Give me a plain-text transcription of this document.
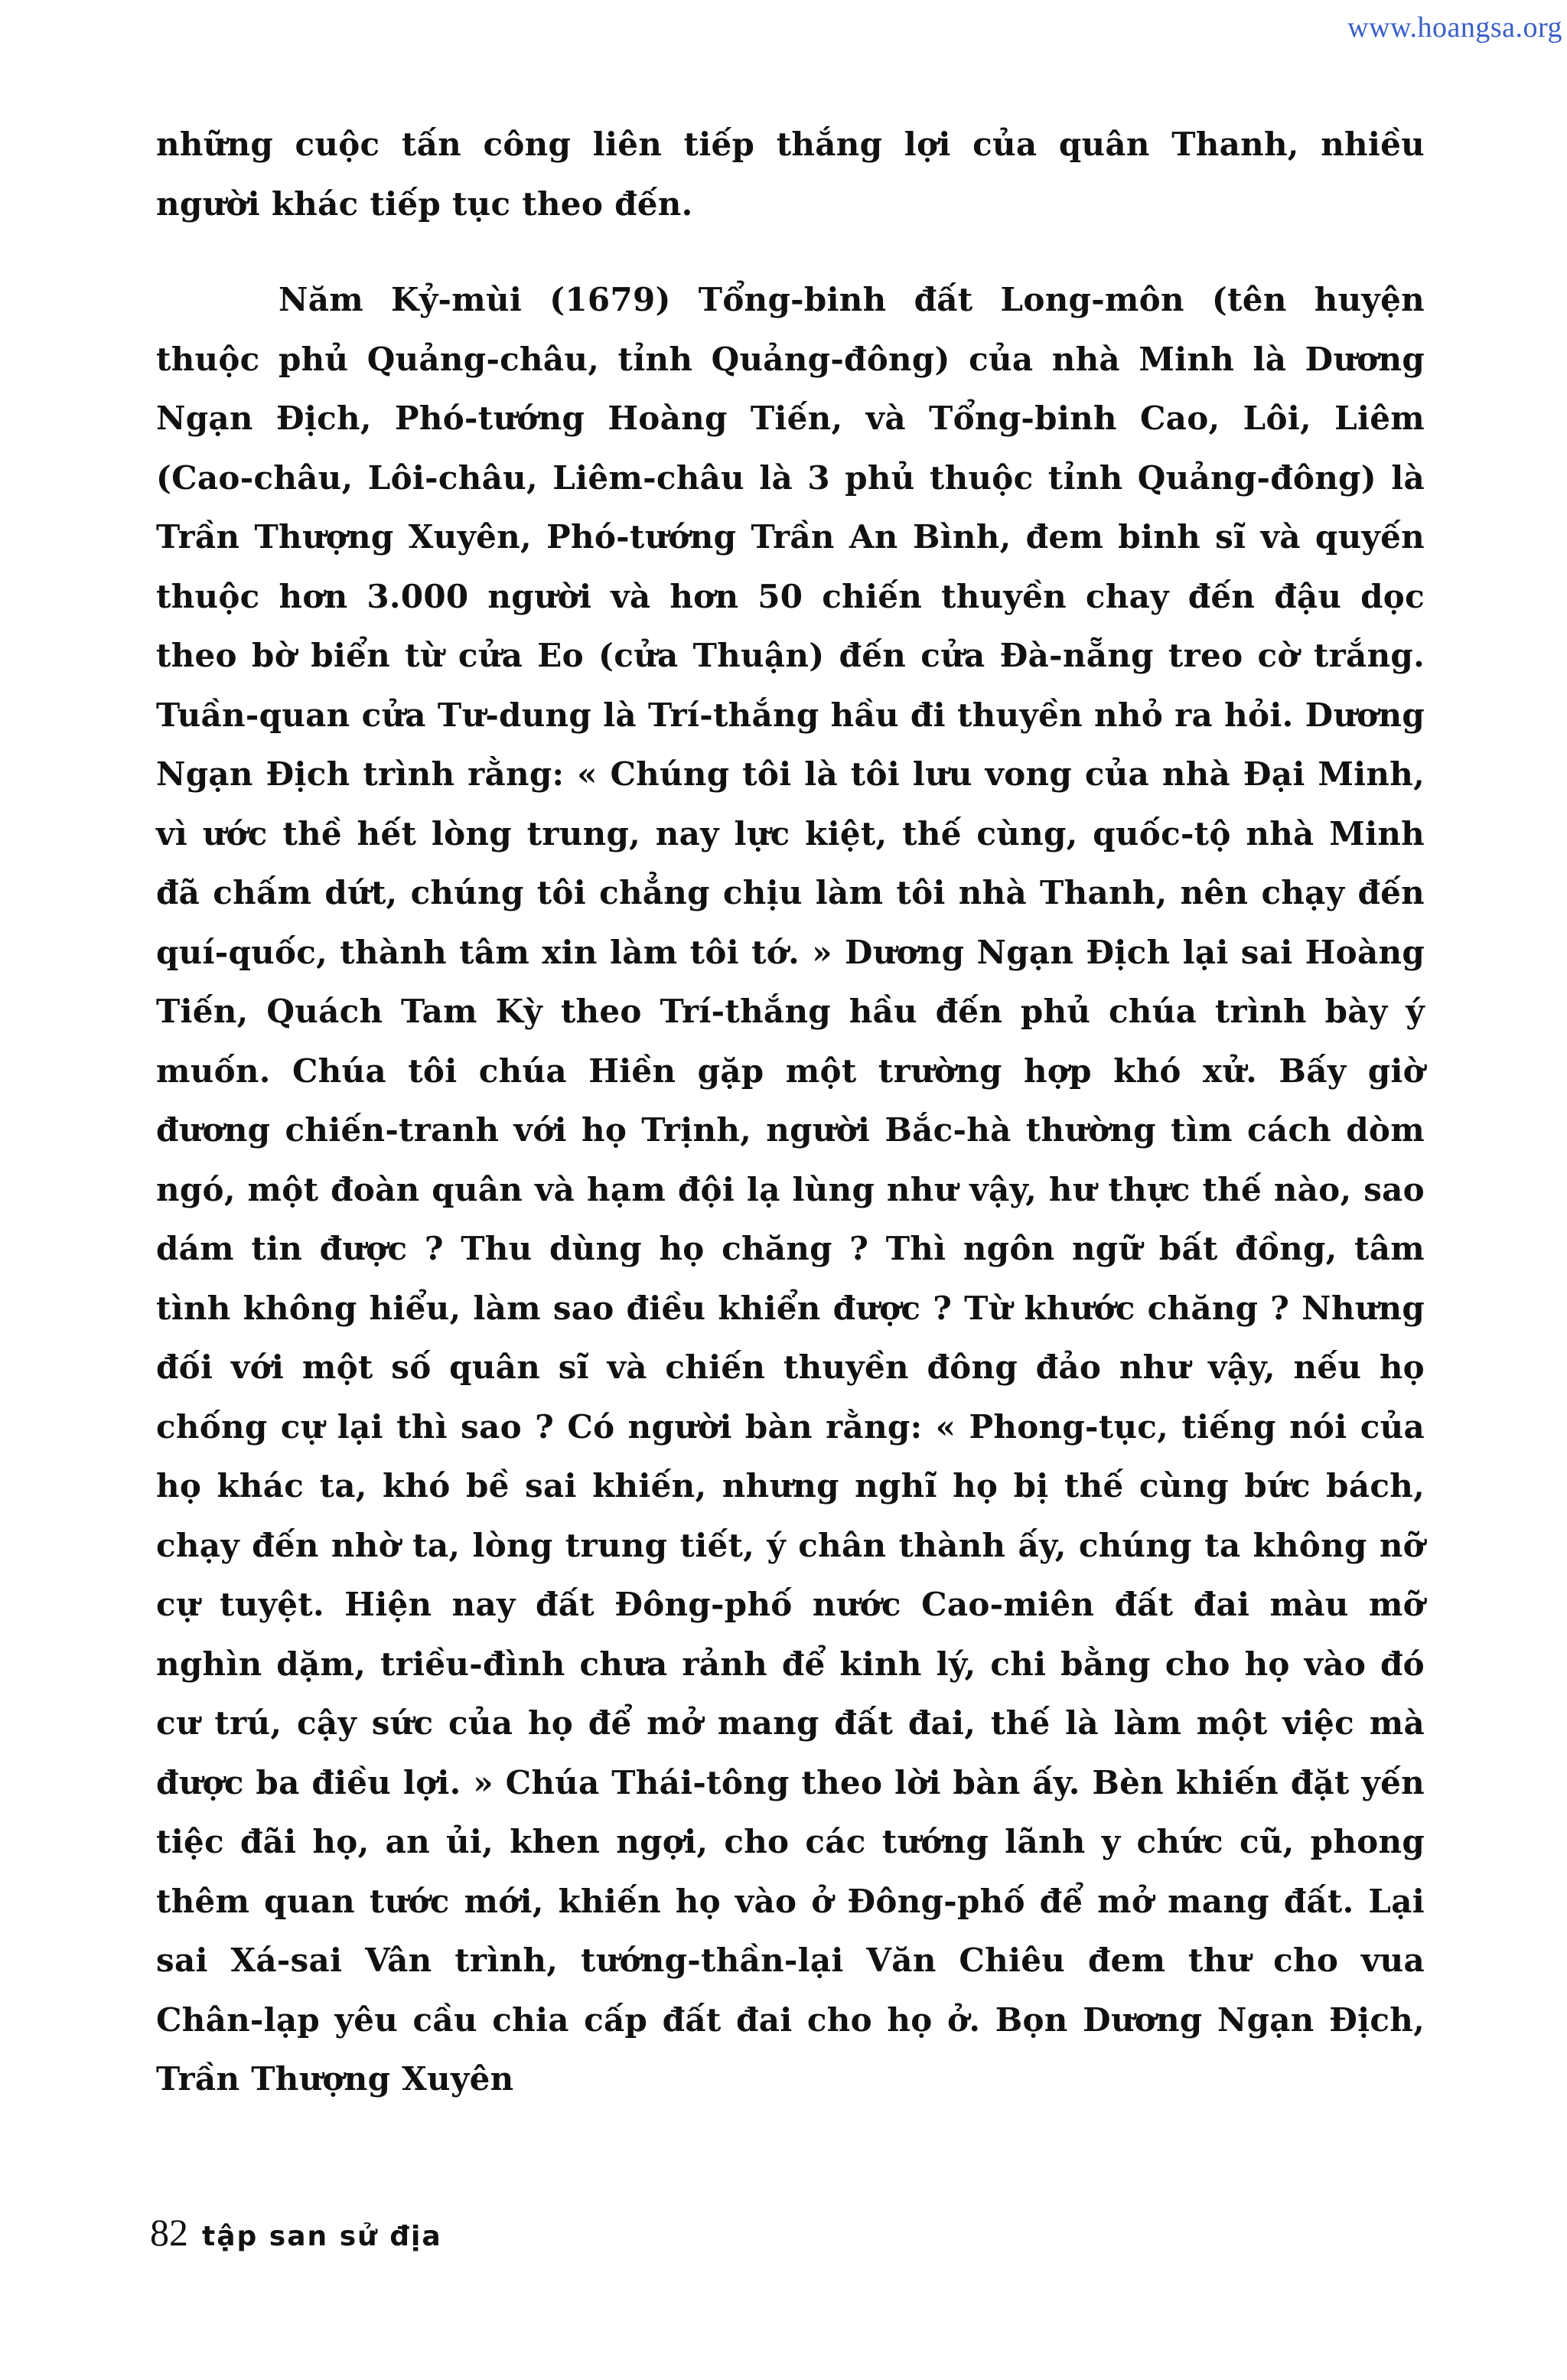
www.hoangsa.org

những cuộc tấn công liên tiếp thắng lợi của quân Thanh, nhiều người khác tiếp tục theo đến.

Năm Kỷ-mùi (1679) Tổng-binh đất Long-môn (tên huyện thuộc phủ Quảng-châu, tỉnh Quảng-đông) của nhà Minh là Dương Ngạn Địch, Phó-tướng Hoàng Tiến, và Tổng-binh Cao, Lôi, Liêm (Cao-châu, Lôi-châu, Liêm-châu là 3 phủ thuộc tỉnh Quảng-đông) là Trần Thượng Xuyên, Phó-tướng Trần An Bình, đem binh sĩ và quyến thuộc hơn 3.000 người và hơn 50 chiến thuyền chay đến đậu dọc theo bờ biển từ cửa Eo (cửa Thuận) đến cửa Đà-nẵng treo cờ trắng. Tuần-quan cửa Tư-dung là Trí-thắng hầu đi thuyền nhỏ ra hỏi. Dương Ngạn Địch trình rằng: « Chúng tôi là tôi lưu vong của nhà Đại Minh, vì ước thề hết lòng trung, nay lực kiệt, thế cùng, quốc-tộ nhà Minh đã chấm dứt, chúng tôi chẳng chịu làm tôi nhà Thanh, nên chạy đến quí-quốc, thành tâm xin làm tôi tớ. » Dương Ngạn Địch lại sai Hoàng Tiến, Quách Tam Kỳ theo Trí-thắng hầu đến phủ chúa trình bày ý muốn. Chúa tôi chúa Hiền gặp một trường hợp khó xử. Bấy giờ đương chiến-tranh với họ Trịnh, người Bắc-hà thường tìm cách dòm ngó, một đoàn quân và hạm đội lạ lùng như vậy, hư thực thế nào, sao dám tin được ? Thu dùng họ chăng ? Thì ngôn ngữ bất đồng, tâm tình không hiểu, làm sao điều khiển được ? Từ khước chăng ? Nhưng đối với một số quân sĩ và chiến thuyền đông đảo như vậy, nếu họ chống cự lại thì sao ? Có người bàn rằng: « Phong-tục, tiếng nói của họ khác ta, khó bề sai khiến, nhưng nghĩ họ bị thế cùng bức bách, chạy đến nhờ ta, lòng trung tiết, ý chân thành ấy, chúng ta không nỡ cự tuyệt. Hiện nay đất Đông-phố nước Cao-miên đất đai màu mỡ nghìn dặm, triều-đình chưa rảnh để kinh lý, chi bằng cho họ vào đó cư trú, cậy sức của họ để mở mang đất đai, thế là làm một việc mà được ba điều lợi. » Chúa Thái-tông theo lời bàn ấy. Bèn khiến đặt yến tiệc đãi họ, an ủi, khen ngợi, cho các tướng lãnh y chức cũ, phong thêm quan tước mới, khiến họ vào ở Đông-phố để mở mang đất. Lại sai Xá-sai Vân trình, tướng-thần-lại Văn Chiêu đem thư cho vua Chân-lạp yêu cầu chia cấp đất đai cho họ ở. Bọn Dương Ngạn Địch, Trần Thượng Xuyên

82 tập san sử địa
